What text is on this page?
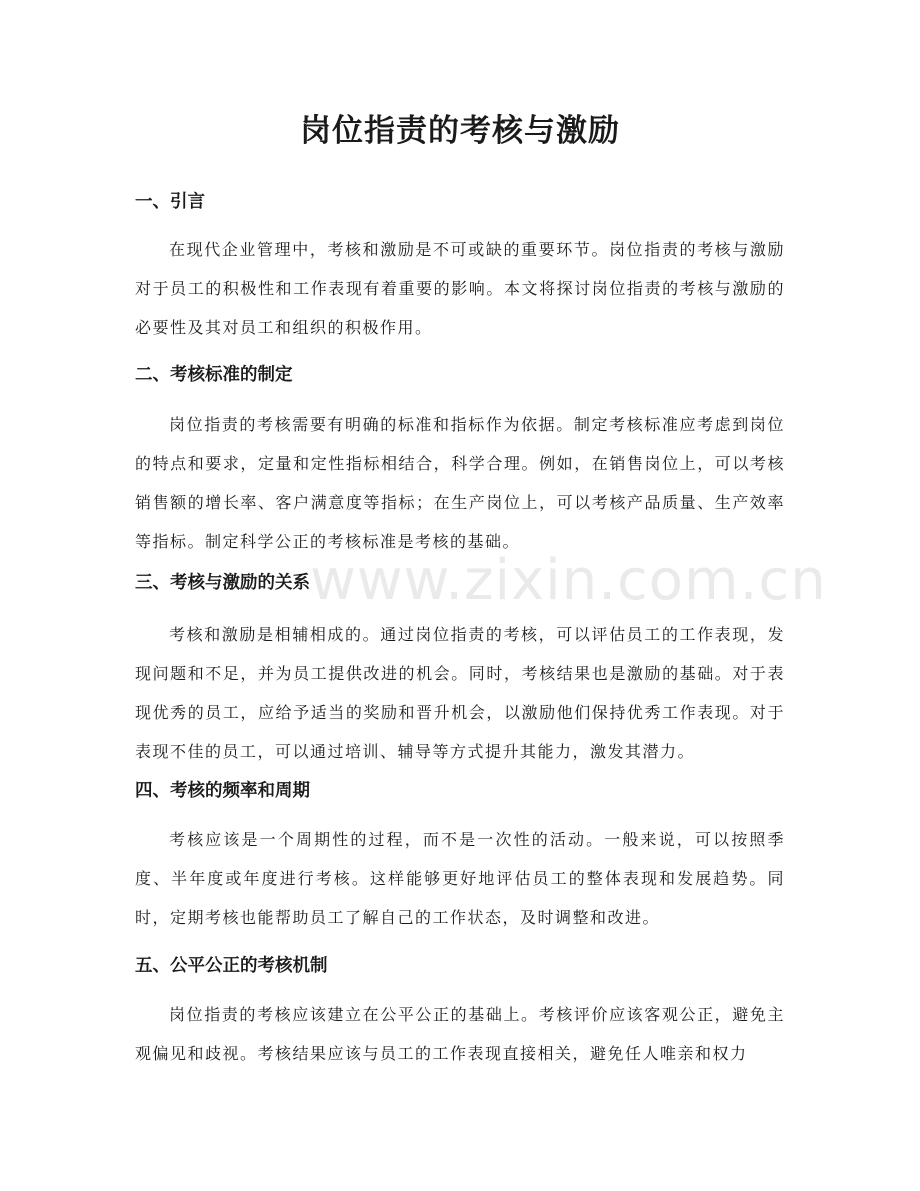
岗位指责的考核与激励
一、引言

在现代企业管理中，考核和激励是不可或缺的重要环节。岗位指责的考核与激励对于员工的积极性和工作表现有着重要的影响。本文将探讨岗位指责的考核与激励的必要性及其对员工和组织的积极作用。

二、考核标准的制定

岗位指责的考核需要有明确的标准和指标作为依据。制定考核标准应考虑到岗位的特点和要求，定量和定性指标相结合，科学合理。例如，在销售岗位上，可以考核销售额的增长率、客户满意度等指标；在生产岗位上，可以考核产品质量、生产效率等指标。制定科学公正的考核标准是考核的基础。

三、考核与激励的关系

考核和激励是相辅相成的。通过岗位指责的考核，可以评估员工的工作表现，发现问题和不足，并为员工提供改进的机会。同时，考核结果也是激励的基础。对于表现优秀的员工，应给予适当的奖励和晋升机会，以激励他们保持优秀工作表现。对于表现不佳的员工，可以通过培训、辅导等方式提升其能力，激发其潜力。

四、考核的频率和周期

考核应该是一个周期性的过程，而不是一次性的活动。一般来说，可以按照季度、半年度或年度进行考核。这样能够更好地评估员工的整体表现和发展趋势。同时，定期考核也能帮助员工了解自己的工作状态，及时调整和改进。

五、公平公正的考核机制

岗位指责的考核应该建立在公平公正的基础上。考核评价应该客观公正，避免主观偏见和歧视。考核结果应该与员工的工作表现直接相关，避免任人唯亲和权力

www.zixin.com.cn
